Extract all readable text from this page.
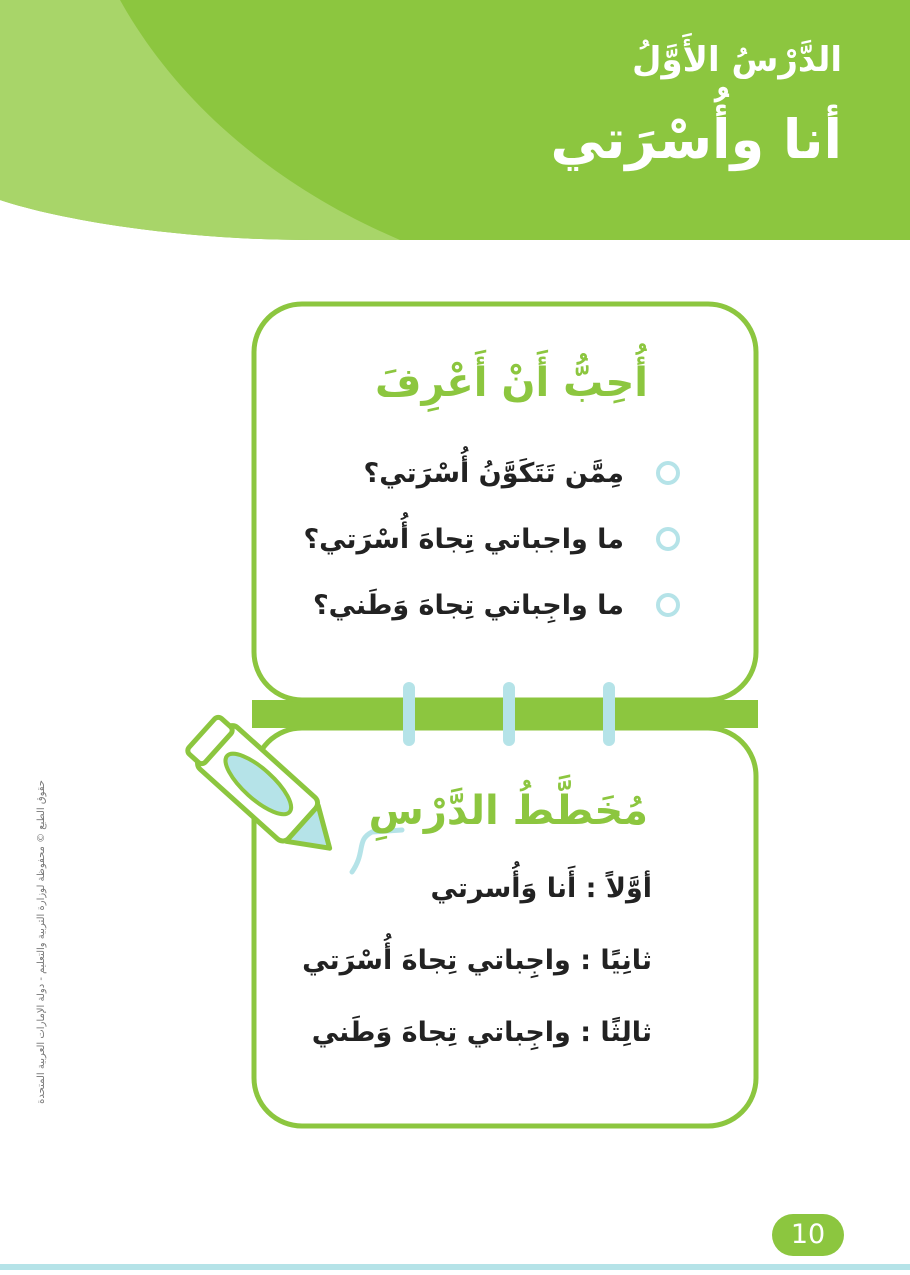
الدَّرْسُ الأَوَّلُ
أنا وأُسْرَتي
أُحِبُّ أَنْ أَعْرِفَ
مِمَّن تَتَكَوَّنُ أُسْرَتي؟
ما واجباتي تِجاهَ أُسْرَتي؟
ما واجِباتي تِجاهَ وَطَني؟
مُخَطَّطُ الدَّرْسِ
أوَّلاً : أَنا وَأُسرتي
ثانِيًا : واجِباتي تِجاهَ أُسْرَتي
ثالِثًا : واجِباتي تِجاهَ وَطَني
حقوق الطبع © محفوظة لوزارة التربية والتعليم - دولة الإمارات العربية المتحدة
10
